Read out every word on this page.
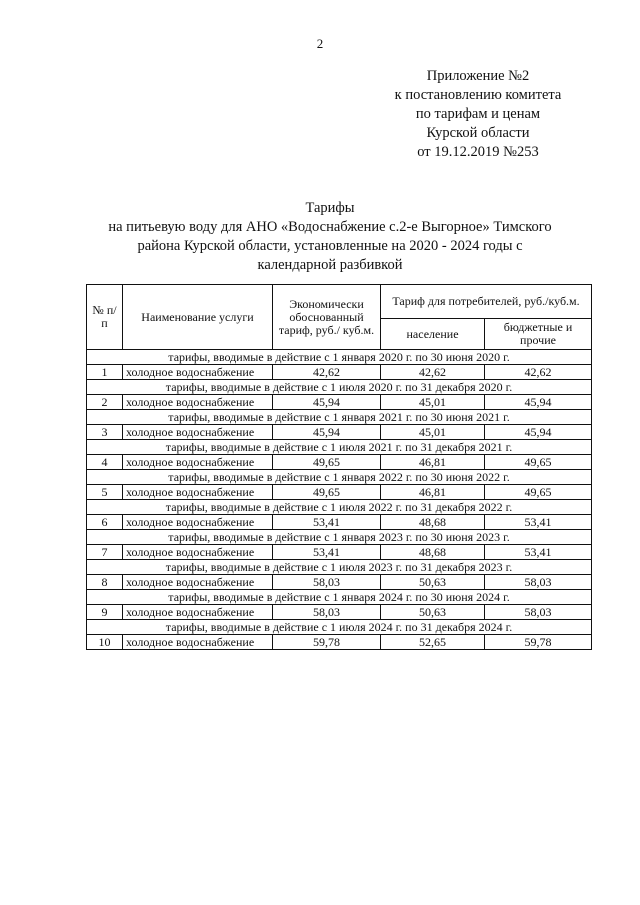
2
Приложение №2
к постановлению комитета
по тарифам и ценам
Курской области
от 19.12.2019 №253
Тарифы
на питьевую воду для АНО «Водоснабжение с.2-е Выгорное» Тимского
района Курской области, установленные на 2020 - 2024 годы с
календарной разбивкой
№ п/п	Наименование услуги	Экономически обоснованный тариф, руб./ куб.м.	Тариф для потребителей, руб./куб.м.	
			население	бюджетные и прочие
тарифы, вводимые в действие с 1 января 2020 г. по 30 июня 2020 г.				
1	холодное водоснабжение	42,62	42,62	42,62
тарифы, вводимые в действие с 1 июля 2020 г. по 31 декабря 2020 г.				
2	холодное водоснабжение	45,94	45,01	45,94
тарифы, вводимые в действие с 1 января 2021 г. по 30 июня 2021 г.				
3	холодное водоснабжение	45,94	45,01	45,94
тарифы, вводимые в действие с 1 июля 2021 г. по 31 декабря 2021 г.				
4	холодное водоснабжение	49,65	46,81	49,65
тарифы, вводимые в действие с 1 января 2022 г. по 30 июня 2022 г.				
5	холодное водоснабжение	49,65	46,81	49,65
тарифы, вводимые в действие с 1 июля 2022 г. по 31 декабря 2022 г.				
6	холодное водоснабжение	53,41	48,68	53,41
тарифы, вводимые в действие с 1 января 2023 г. по 30 июня 2023 г.				
7	холодное водоснабжение	53,41	48,68	53,41
тарифы, вводимые в действие с 1 июля 2023 г. по 31 декабря 2023 г.				
8	холодное водоснабжение	58,03	50,63	58,03
тарифы, вводимые в действие с 1 января 2024 г. по 30 июня 2024 г.				
9	холодное водоснабжение	58,03	50,63	58,03
тарифы, вводимые в действие с 1 июля 2024 г. по 31 декабря 2024 г.				
10	холодное водоснабжение	59,78	52,65	59,78
